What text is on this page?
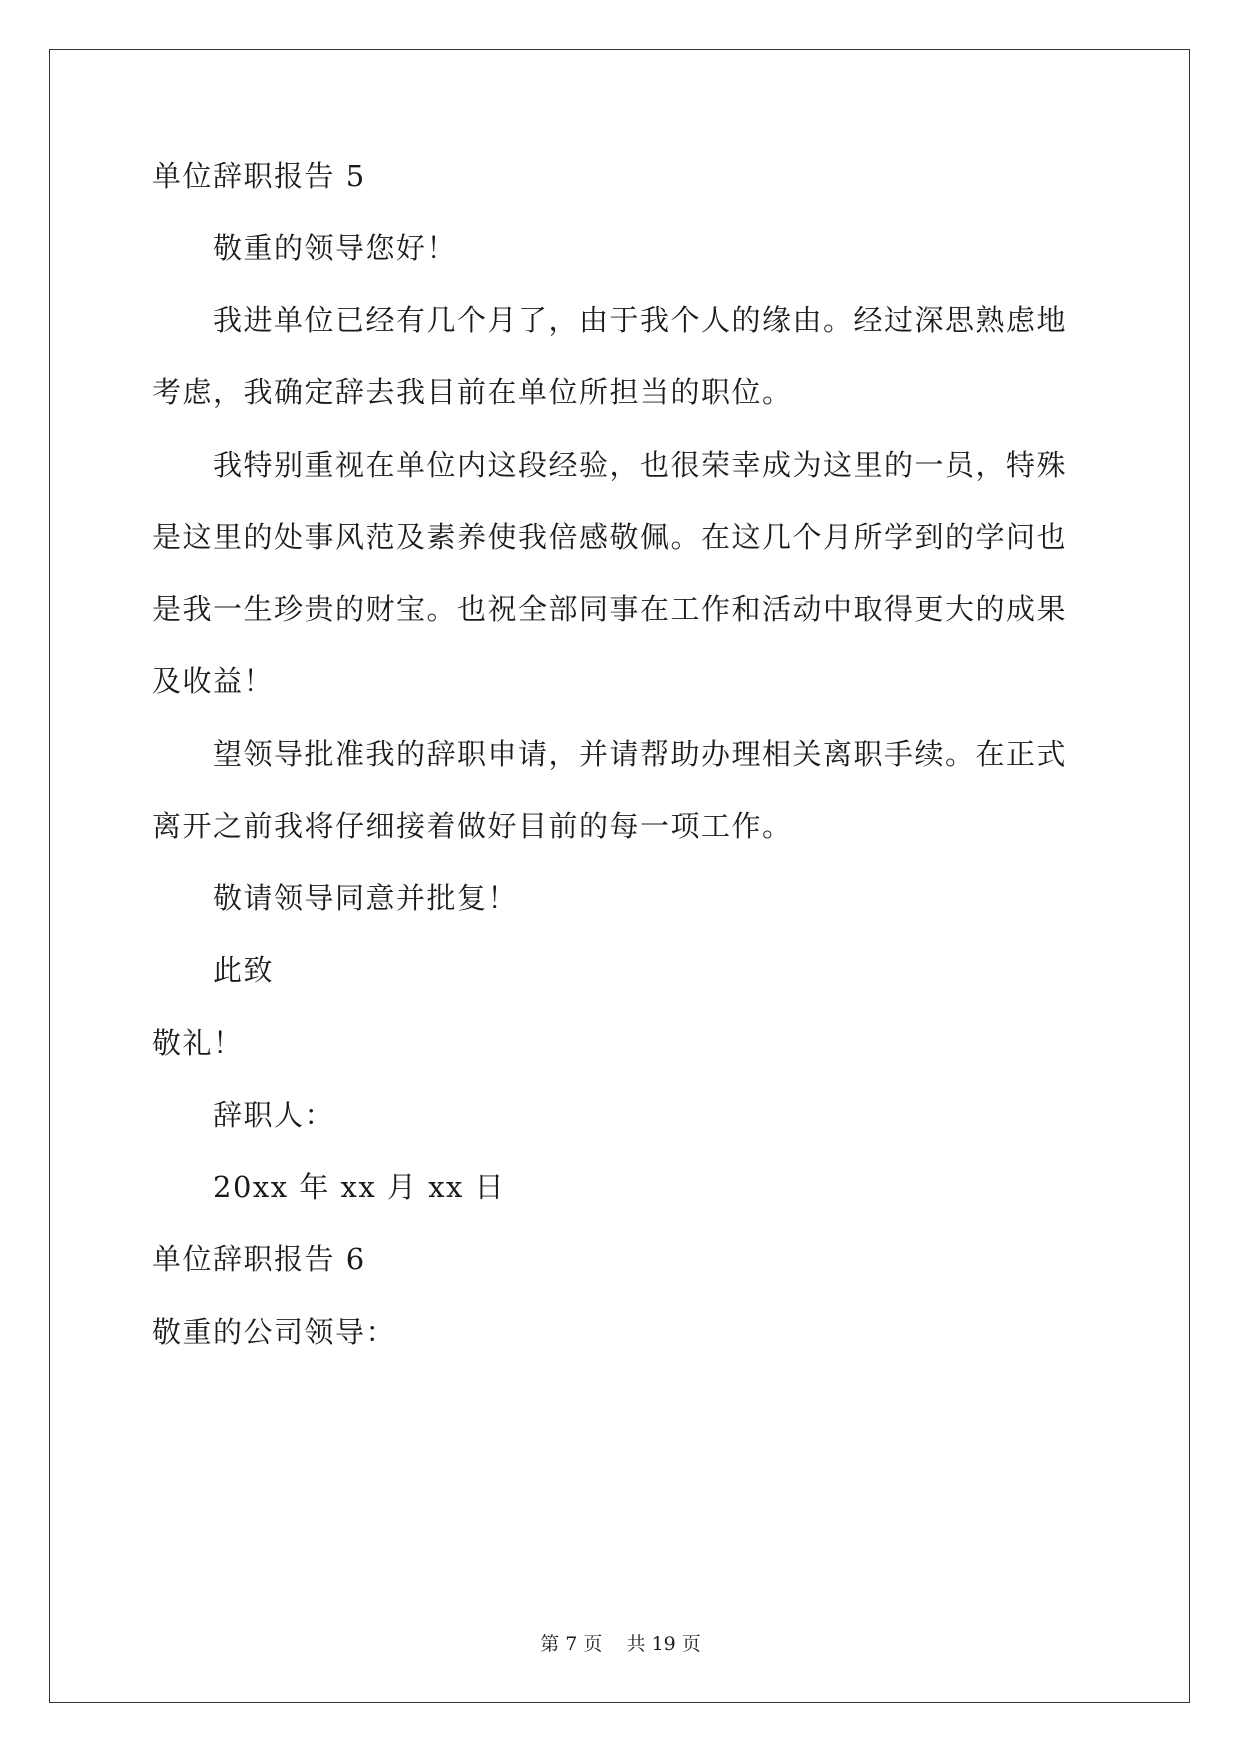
单位辞职报告 5
敬重的领导您好！
我进单位已经有几个月了，由于我个人的缘由。经过深思熟虑地
考虑，我确定辞去我目前在单位所担当的职位。
我特别重视在单位内这段经验，也很荣幸成为这里的一员，特殊
是这里的处事风范及素养使我倍感敬佩。在这几个月所学到的学问也
是我一生珍贵的财宝。也祝全部同事在工作和活动中取得更大的成果
及收益！
望领导批准我的辞职申请，并请帮助办理相关离职手续。在正式
离开之前我将仔细接着做好目前的每一项工作。
敬请领导同意并批复！
此致
敬礼！
辞职人：
20xx 年 xx 月 xx 日
单位辞职报告 6
敬重的公司领导：
第 7 页    共 19 页
